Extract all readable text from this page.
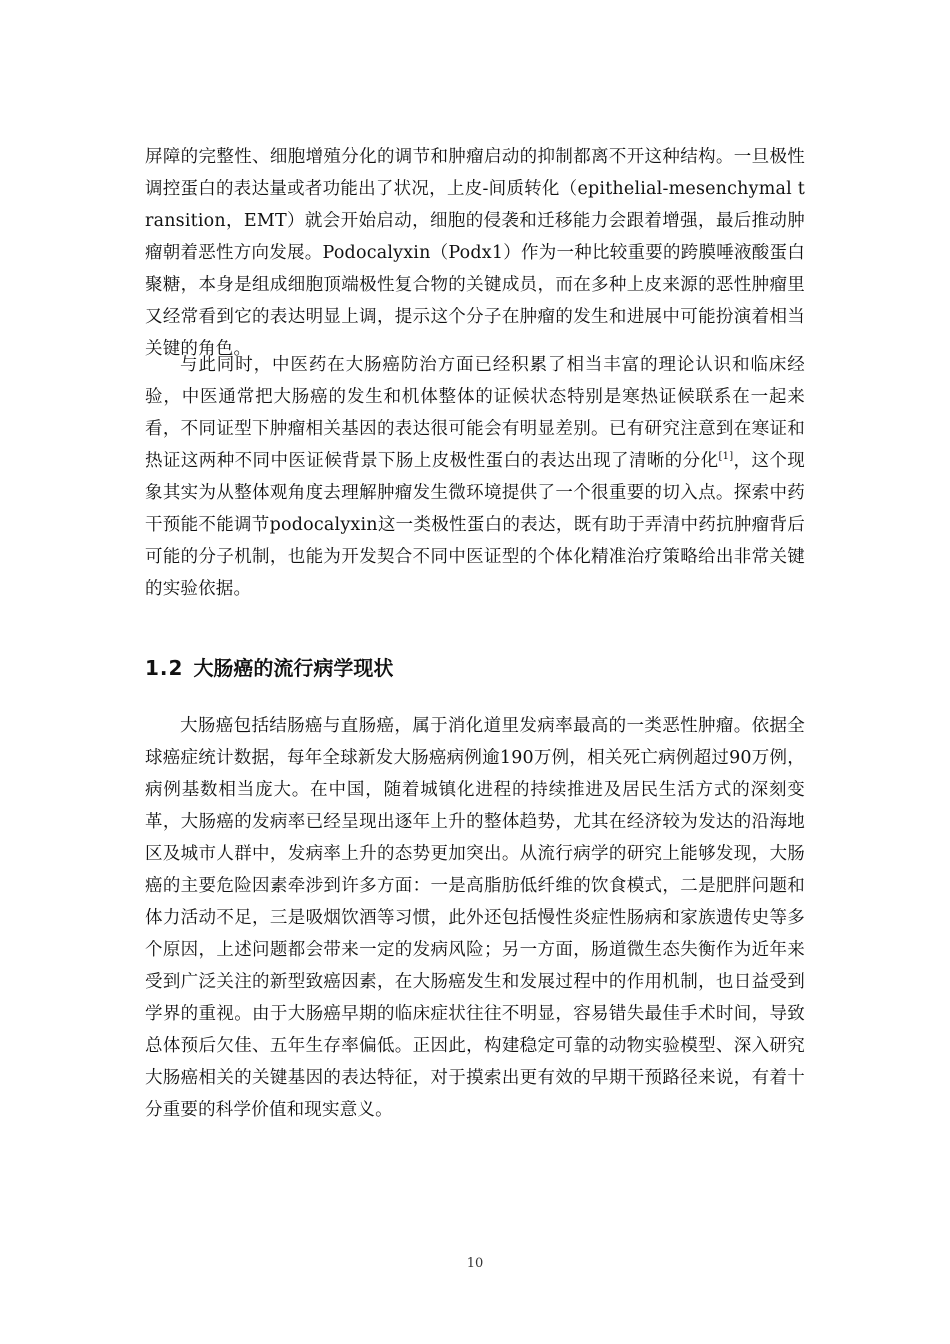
屏障的完整性、细胞增殖分化的调节和肿瘤启动的抑制都离不开这种结构。一旦极性调控蛋白的表达量或者功能出了状况，上皮-间质转化（epithelial-mesenchymal transition，EMT）就会开始启动，细胞的侵袭和迁移能力会跟着增强，最后推动肿瘤朝着恶性方向发展。Podocalyxin（Podx1）作为一种比较重要的跨膜唾液酸蛋白聚糖，本身是组成细胞顶端极性复合物的关键成员，而在多种上皮来源的恶性肿瘤里又经常看到它的表达明显上调，提示这个分子在肿瘤的发生和进展中可能扮演着相当关键的角色。

与此同时，中医药在大肠癌防治方面已经积累了相当丰富的理论认识和临床经验，中医通常把大肠癌的发生和机体整体的证候状态特别是寒热证候联系在一起来看，不同证型下肿瘤相关基因的表达很可能会有明显差别。已有研究注意到在寒证和热证这两种不同中医证候背景下肠上皮极性蛋白的表达出现了清晰的分化[1]，这个现象其实为从整体观角度去理解肿瘤发生微环境提供了一个很重要的切入点。探索中药干预能不能调节podocalyxin这一类极性蛋白的表达，既有助于弄清中药抗肿瘤背后可能的分子机制，也能为开发契合不同中医证型的个体化精准治疗策略给出非常关键的实验依据。

1.2 大肠癌的流行病学现状

大肠癌包括结肠癌与直肠癌，属于消化道里发病率最高的一类恶性肿瘤。依据全球癌症统计数据，每年全球新发大肠癌病例逾190万例，相关死亡病例超过90万例，病例基数相当庞大。在中国，随着城镇化进程的持续推进及居民生活方式的深刻变革，大肠癌的发病率已经呈现出逐年上升的整体趋势，尤其在经济较为发达的沿海地区及城市人群中，发病率上升的态势更加突出。从流行病学的研究上能够发现，大肠癌的主要危险因素牵涉到许多方面：一是高脂肪低纤维的饮食模式，二是肥胖问题和体力活动不足，三是吸烟饮酒等习惯，此外还包括慢性炎症性肠病和家族遗传史等多个原因，上述问题都会带来一定的发病风险；另一方面，肠道微生态失衡作为近年来受到广泛关注的新型致癌因素，在大肠癌发生和发展过程中的作用机制，也日益受到学界的重视。由于大肠癌早期的临床症状往往不明显，容易错失最佳手术时间，导致总体预后欠佳、五年生存率偏低。正因此，构建稳定可靠的动物实验模型、深入研究大肠癌相关的关键基因的表达特征，对于摸索出更有效的早期干预路径来说，有着十分重要的科学价值和现实意义。

10
